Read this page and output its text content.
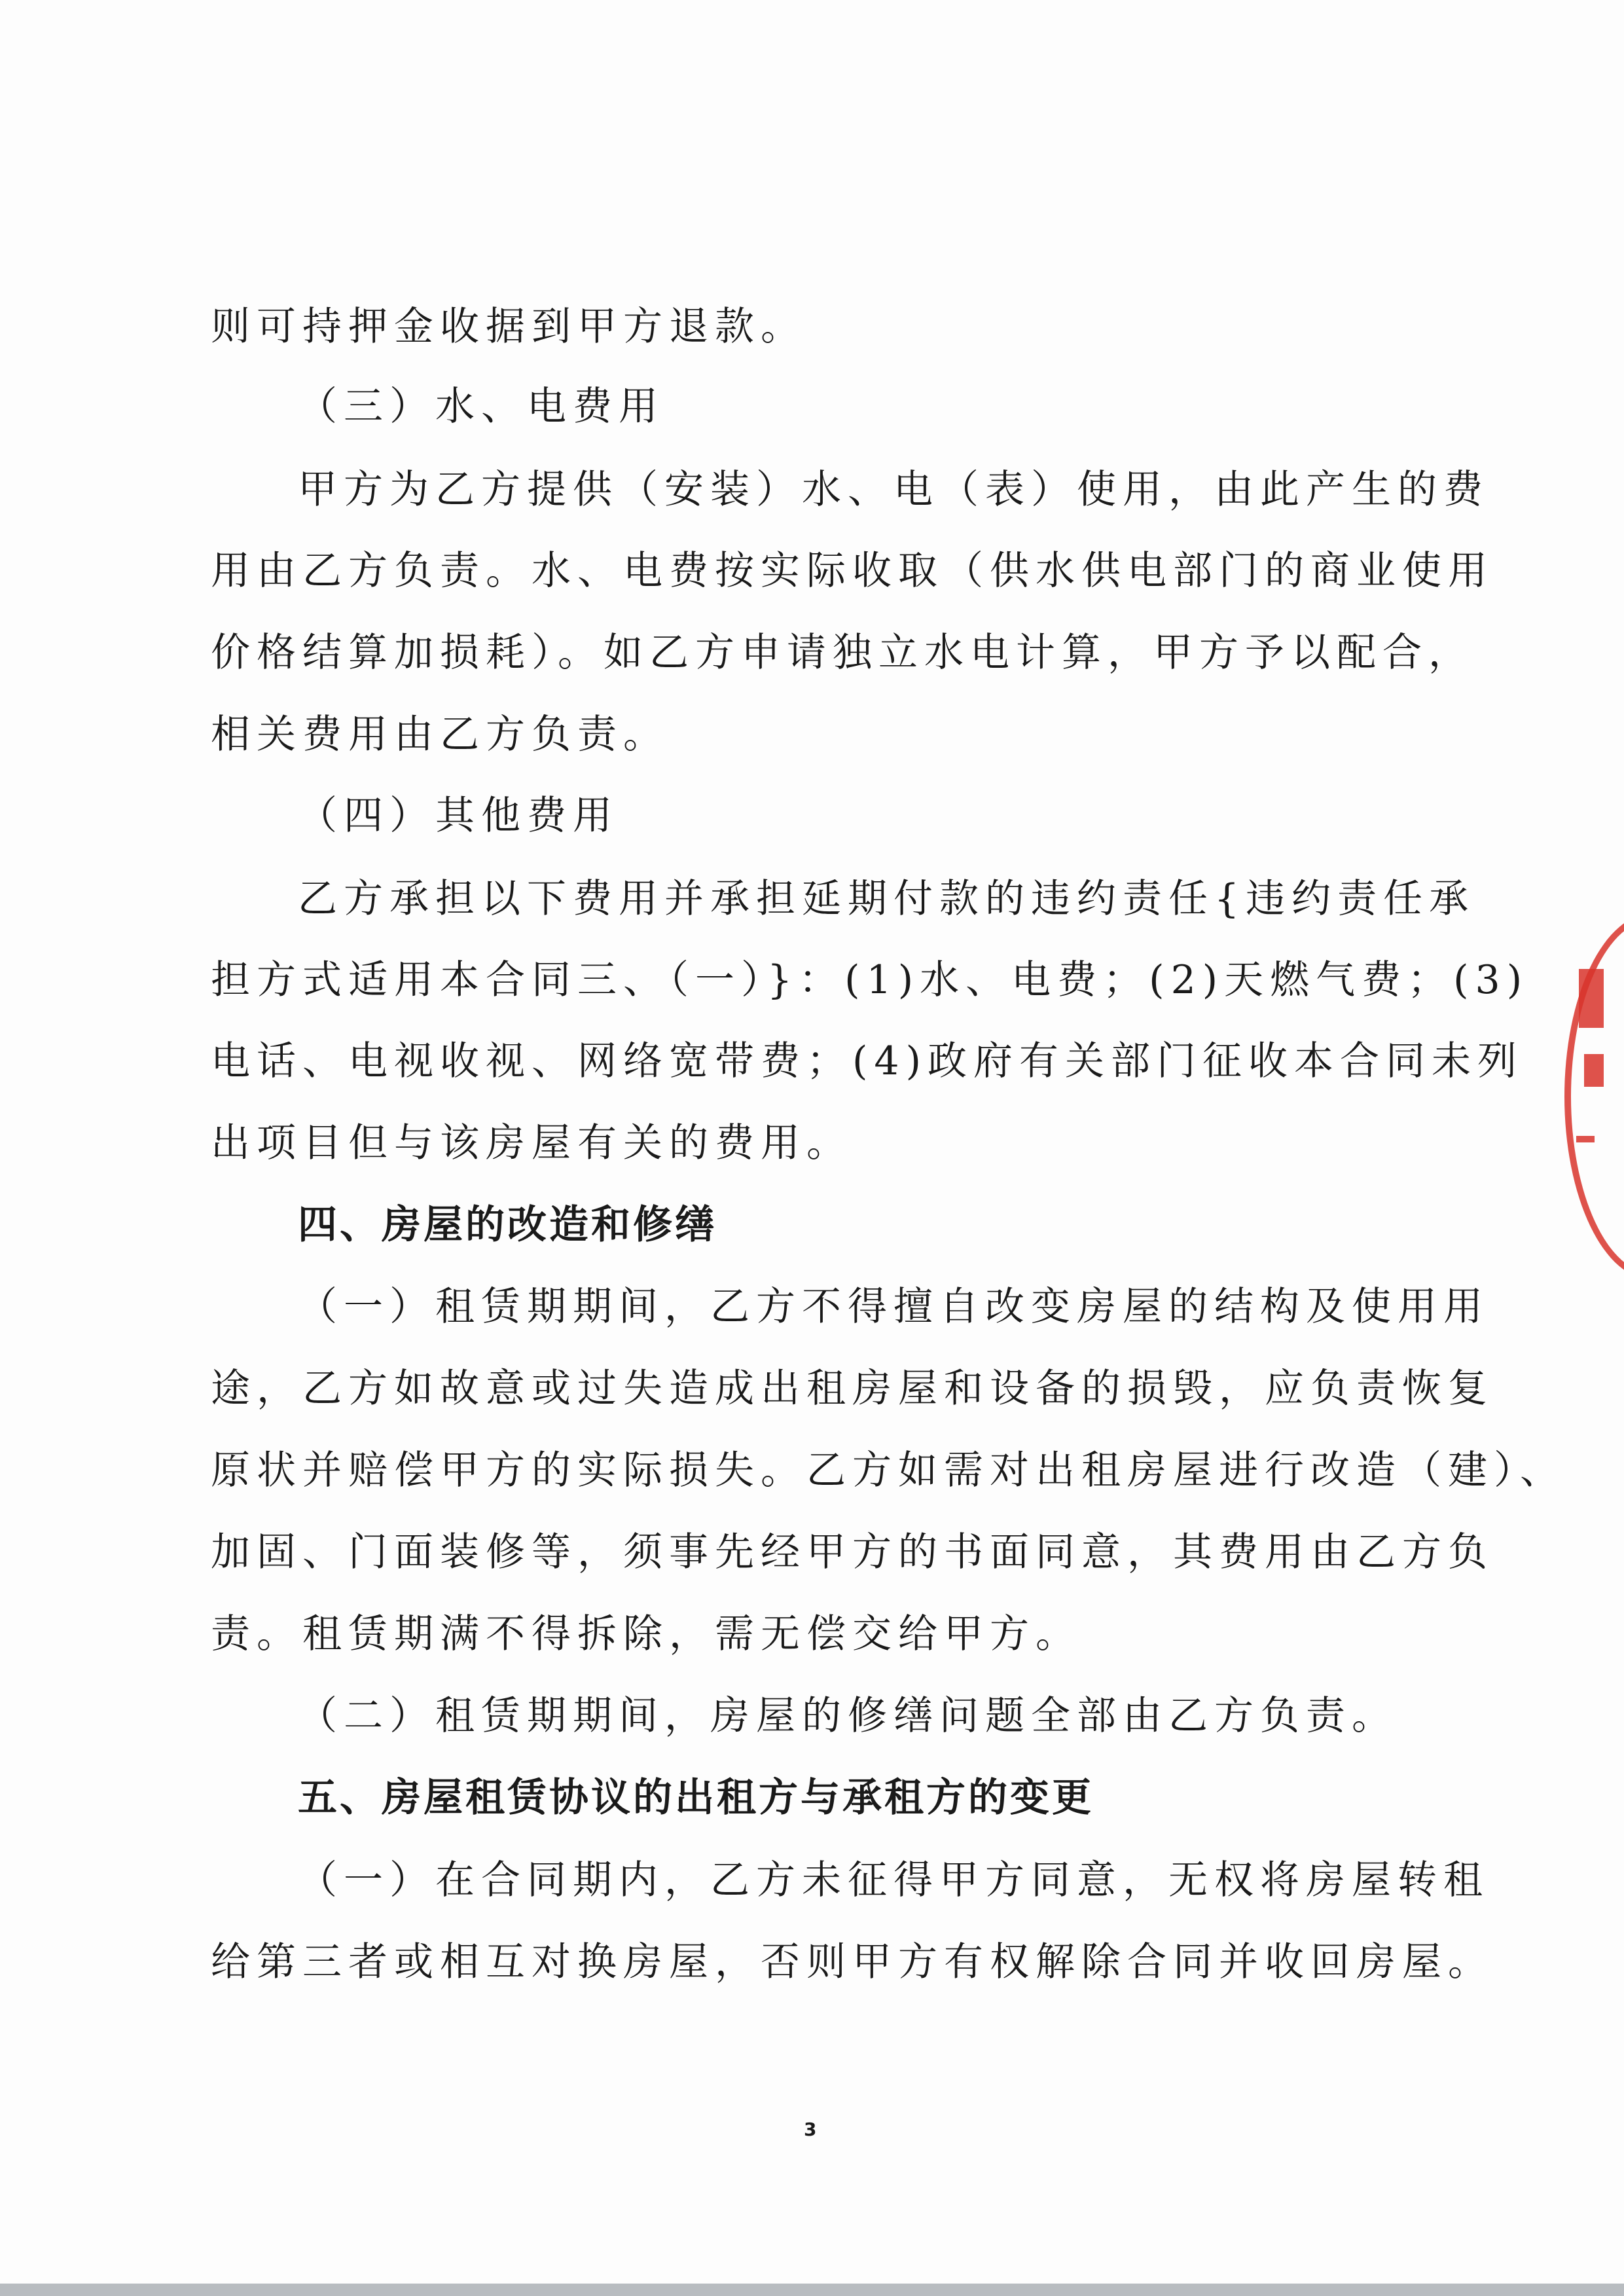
则可持押金收据到甲方退款。
（三）水、电费用
甲方为乙方提供（安装）水、电（表）使用，由此产生的费
用由乙方负责。水、电费按实际收取（供水供电部门的商业使用
价格结算加损耗）。如乙方申请独立水电计算，甲方予以配合，
相关费用由乙方负责。
（四）其他费用
乙方承担以下费用并承担延期付款的违约责任{违约责任承
担方式适用本合同三、（一）}：(1)水、电费；(2)天燃气费；(3)
电话、电视收视、网络宽带费；(4)政府有关部门征收本合同未列
出项目但与该房屋有关的费用。
四、房屋的改造和修缮
（一）租赁期期间，乙方不得擅自改变房屋的结构及使用用
途，乙方如故意或过失造成出租房屋和设备的损毁，应负责恢复
原状并赔偿甲方的实际损失。乙方如需对出租房屋进行改造（建）、
加固、门面装修等，须事先经甲方的书面同意，其费用由乙方负
责。租赁期满不得拆除，需无偿交给甲方。
（二）租赁期期间，房屋的修缮问题全部由乙方负责。
五、房屋租赁协议的出租方与承租方的变更
（一）在合同期内，乙方未征得甲方同意，无权将房屋转租
给第三者或相互对换房屋，否则甲方有权解除合同并收回房屋。
3
